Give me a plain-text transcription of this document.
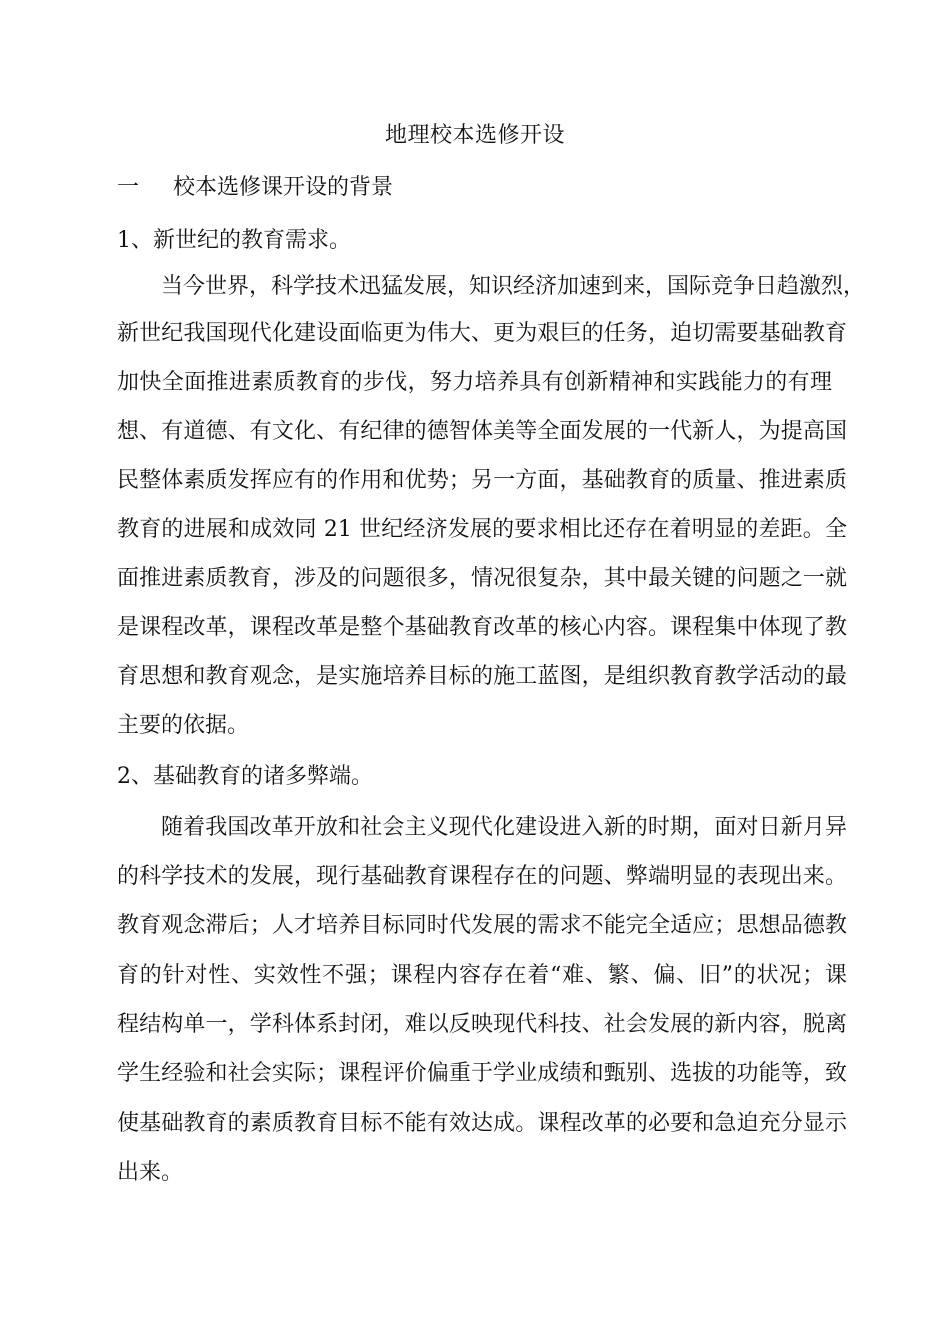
地理校本选修开设
一 校本选修课开设的背景
1、新世纪的教育需求。
当今世界，科学技术迅猛发展，知识经济加速到来，国际竞争日趋激烈，
新世纪我国现代化建设面临更为伟大、更为艰巨的任务，迫切需要基础教育
加快全面推进素质教育的步伐，努力培养具有创新精神和实践能力的有理
想、有道德、有文化、有纪律的德智体美等全面发展的一代新人，为提高国
民整体素质发挥应有的作用和优势；另一方面，基础教育的质量、推进素质
教育的进展和成效同 21 世纪经济发展的要求相比还存在着明显的差距。全
面推进素质教育，涉及的问题很多，情况很复杂，其中最关键的问题之一就
是课程改革，课程改革是整个基础教育改革的核心内容。课程集中体现了教
育思想和教育观念，是实施培养目标的施工蓝图，是组织教育教学活动的最
主要的依据。
2、基础教育的诸多弊端。
随着我国改革开放和社会主义现代化建设进入新的时期，面对日新月异
的科学技术的发展，现行基础教育课程存在的问题、弊端明显的表现出来。
教育观念滞后；人才培养目标同时代发展的需求不能完全适应；思想品德教
育的针对性、实效性不强；课程内容存在着“难、繁、偏、旧”的状况；课
程结构单一，学科体系封闭，难以反映现代科技、社会发展的新内容，脱离
学生经验和社会实际；课程评价偏重于学业成绩和甄别、选拔的功能等，致
使基础教育的素质教育目标不能有效达成。课程改革的必要和急迫充分显示
出来。
